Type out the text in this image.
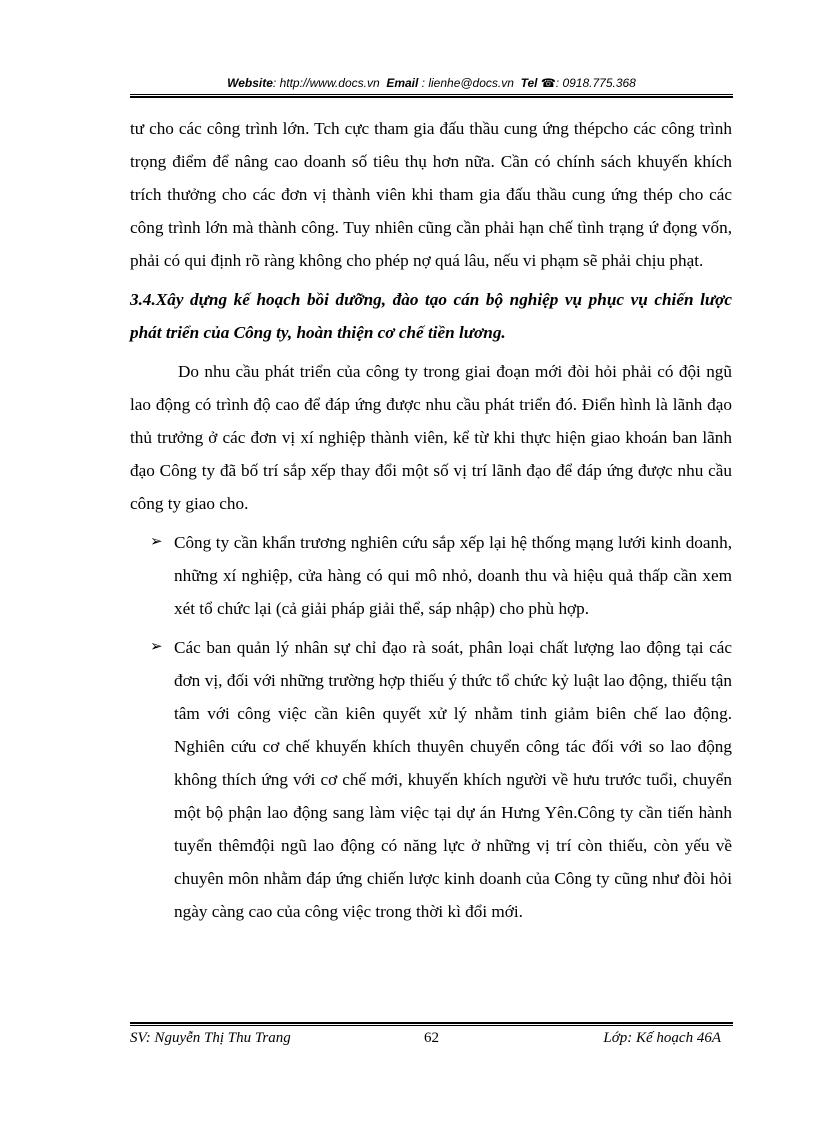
Website: http://www.docs.vn Email : lienhe@docs.vn Tel ☎: 0918.775.368

tư cho các công trình lớn. Tch cực tham gia đấu thầu cung ứng thépcho các công trình trọng điểm để nâng cao doanh số tiêu thụ hơn nữa. Cần có chính sách khuyến khích trích thưởng cho các đơn vị thành viên khi tham gia đấu thầu cung ứng thép cho các công trình lớn mà thành công. Tuy nhiên cũng cần phải hạn chế tình trạng ứ đọng vốn, phải có qui định rõ ràng không cho phép nợ quá lâu, nếu vi phạm sẽ phải chịu phạt.

3.4.Xây dựng kế hoạch bồi dưỡng, đào tạo cán bộ nghiệp vụ phục vụ chiến lược phát triển của Công ty, hoàn thiện cơ chế tiền lương.

Do nhu cầu phát triển của công ty trong giai đoạn mới đòi hỏi phải có đội ngũ lao động có trình độ cao để đáp ứng được nhu cầu phát triển đó. Điển hình là lãnh đạo thủ trưởng ở các đơn vị xí nghiệp thành viên, kể từ khi thực hiện giao khoán ban lãnh đạo Công ty đã bố trí sắp xếp thay đổi một số vị trí lãnh đạo để đáp ứng được nhu cầu công ty giao cho.

➢ Công ty cần khẩn trương nghiên cứu sắp xếp lại hệ thống mạng lưới kinh doanh, những xí nghiệp, cửa hàng có qui mô nhỏ, doanh thu và hiệu quả thấp cần xem xét tổ chức lại (cả giải pháp giải thể, sáp nhập) cho phù hợp.

➢ Các ban quản lý nhân sự chỉ đạo rà soát, phân loại chất lượng lao động tại các đơn vị, đối với những trường hợp thiếu ý thức tổ chức kỷ luật lao động, thiếu tận tâm với công việc cần kiên quyết xử lý nhằm tinh giảm biên chế lao động. Nghiên cứu cơ chế khuyến khích thuyên chuyển công tác đối với so lao động không thích ứng với cơ chế mới, khuyến khích người về hưu trước tuổi, chuyển một bộ phận lao động sang làm việc tại dự án Hưng Yên.Công ty cần tiến hành tuyển thêmđội ngũ lao động có năng lực ở những vị trí còn thiếu, còn yếu về chuyên môn nhằm đáp ứng chiến lược kinh doanh của Công ty cũng như đòi hỏi ngày càng cao của công việc trong thời kì đổi mới.

SV: Nguyễn Thị Thu Trang	62	Lớp: Kế hoạch 46A
